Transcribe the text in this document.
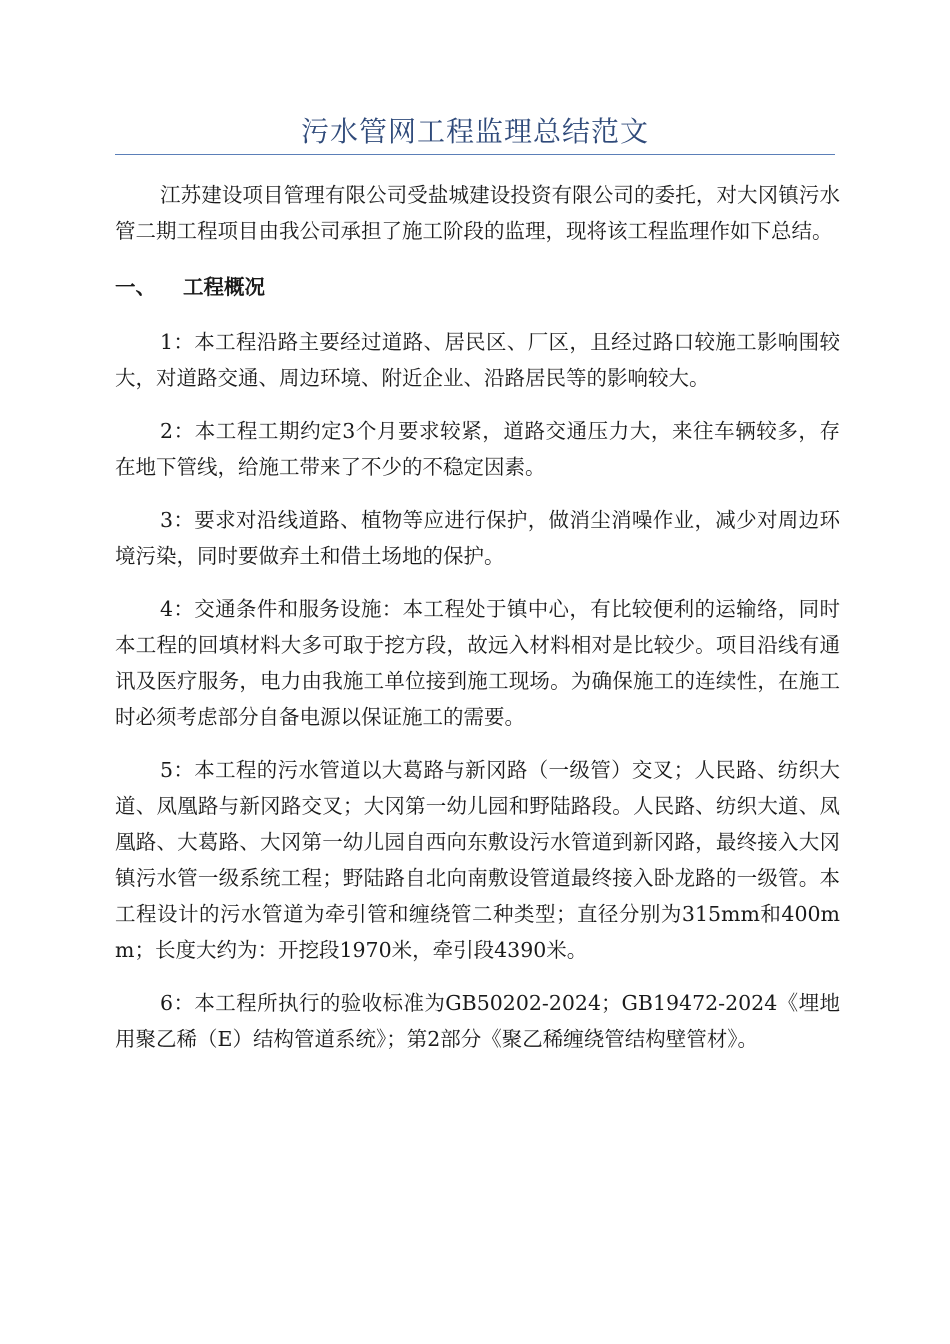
污水管网工程监理总结范文

江苏建设项目管理有限公司受盐城建设投资有限公司的委托，对大冈镇污水管二期工程项目由我公司承担了施工阶段的监理，现将该工程监理作如下总结。

一、	工程概况

1：本工程沿路主要经过道路、居民区、厂区，且经过路口较施工影响围较大，对道路交通、周边环境、附近企业、沿路居民等的影响较大。

2：本工程工期约定3个月要求较紧，道路交通压力大，来往车辆较多，存在地下管线，给施工带来了不少的不稳定因素。

3：要求对沿线道路、植物等应进行保护，做消尘消噪作业，减少对周边环境污染，同时要做弃土和借土场地的保护。

4：交通条件和服务设施：本工程处于镇中心，有比较便利的运输络，同时本工程的回填材料大多可取于挖方段，故远入材料相对是比较少。项目沿线有通讯及医疗服务，电力由我施工单位接到施工现场。为确保施工的连续性，在施工时必须考虑部分自备电源以保证施工的需要。

5：本工程的污水管道以大葛路与新冈路（一级管）交叉；人民路、纺织大道、凤凰路与新冈路交叉；大冈第一幼儿园和野陆路段。人民路、纺织大道、凤凰路、大葛路、大冈第一幼儿园自西向东敷设污水管道到新冈路，最终接入大冈镇污水管一级系统工程；野陆路自北向南敷设管道最终接入卧龙路的一级管。本工程设计的污水管道为牵引管和缠绕管二种类型；直径分别为315mm和400mm；长度大约为：开挖段1970米，牵引段4390米。

6：本工程所执行的验收标准为GB50202-2024；GB19472-2024《埋地用聚乙稀（E）结构管道系统》；第2部分《聚乙稀缠绕管结构壁管材》。
